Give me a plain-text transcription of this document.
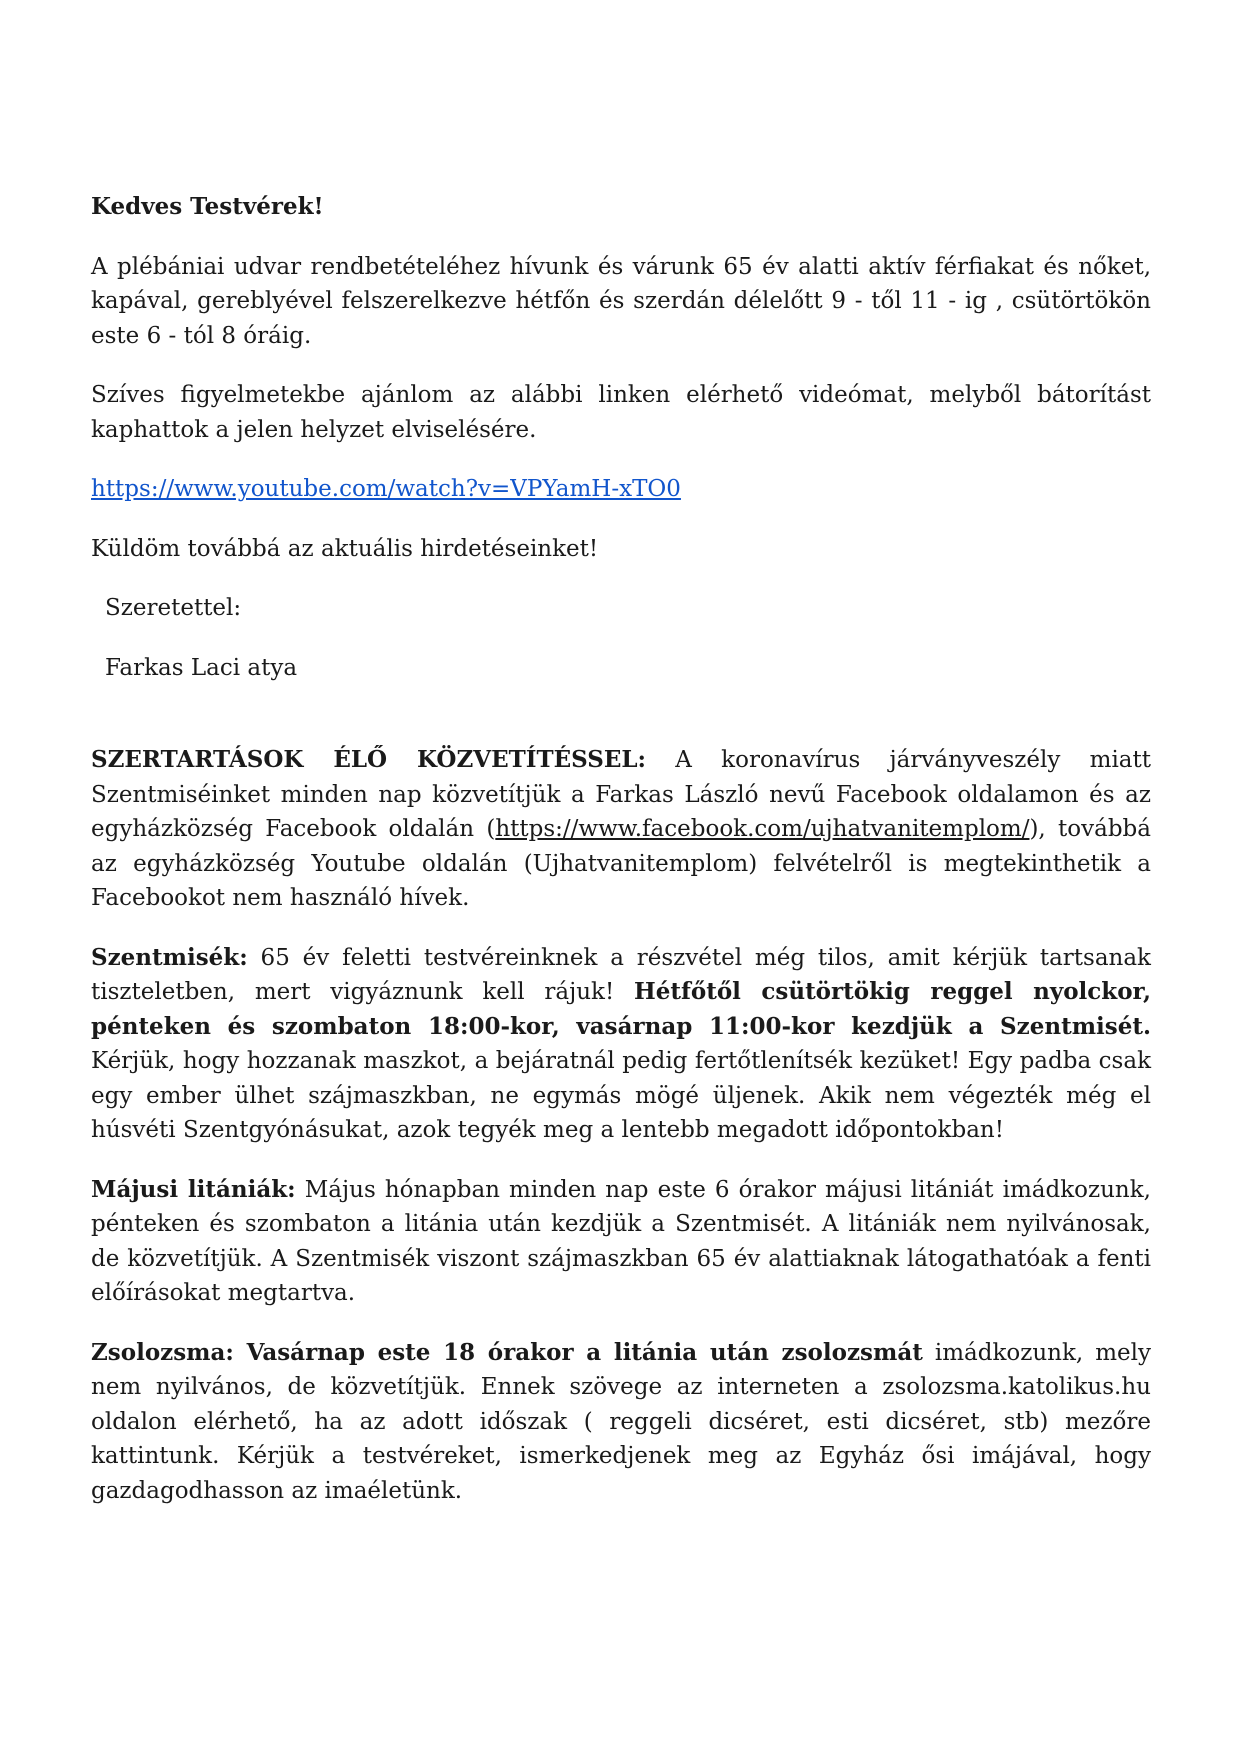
Kedves Testvérek!

A plébániai udvar rendbetételéhez hívunk és várunk 65 év alatti aktív férfiakat és nőket, kapával, gereblyével felszerelkezve hétfőn és szerdán délelőtt 9 - től 11 - ig , csütörtökön este 6 - tól 8 óráig.

Szíves figyelmetekbe ajánlom az alábbi linken elérhető videómat, melyből bátorítást kaphattok a jelen helyzet elviselésére.

https://www.youtube.com/watch?v=VPYamH-xTO0

Küldöm továbbá az aktuális hirdetéseinket!

Szeretettel:

Farkas Laci atya

SZERTARTÁSOK ÉLŐ KÖZVETÍTÉSSEL: A koronavírus járványveszély miatt Szentmiséinket minden nap közvetítjük a Farkas László nevű Facebook oldalamon és az egyházközség Facebook oldalán (https://www.facebook.com/ujhatvanitemplom/), továbbá az egyházközség Youtube oldalán (Ujhatvanitemplom) felvételről is megtekinthetik a Facebookot nem használó hívek.

Szentmisék: 65 év feletti testvéreinknek a részvétel még tilos, amit kérjük tartsanak tiszteletben, mert vigyáznunk kell rájuk! Hétfőtől csütörtökig reggel nyolckor, pénteken és szombaton 18:00-kor, vasárnap 11:00-kor kezdjük a Szentmisét. Kérjük, hogy hozzanak maszkot, a bejáratnál pedig fertőtlenítsék kezüket! Egy padba csak egy ember ülhet szájmaszkban, ne egymás mögé üljenek. Akik nem végezték még el húsvéti Szentgyónásukat, azok tegyék meg a lentebb megadott időpontokban!

Májusi litániák: Május hónapban minden nap este 6 órakor májusi litániát imádkozunk, pénteken és szombaton a litánia után kezdjük a Szentmisét. A litániák nem nyilvánosak, de közvetítjük. A Szentmisék viszont szájmaszkban 65 év alattiaknak látogathatóak a fenti előírásokat megtartva.

Zsolozsma: Vasárnap este 18 órakor a litánia után zsolozsmát imádkozunk, mely nem nyilvános, de közvetítjük. Ennek szövege az interneten a zsolozsma.katolikus.hu oldalon elérhető, ha az adott időszak ( reggeli dicséret, esti dicséret, stb) mezőre kattintunk. Kérjük a testvéreket, ismerkedjenek meg az Egyház ősi imájával, hogy gazdagodhasson az imaéletünk.
